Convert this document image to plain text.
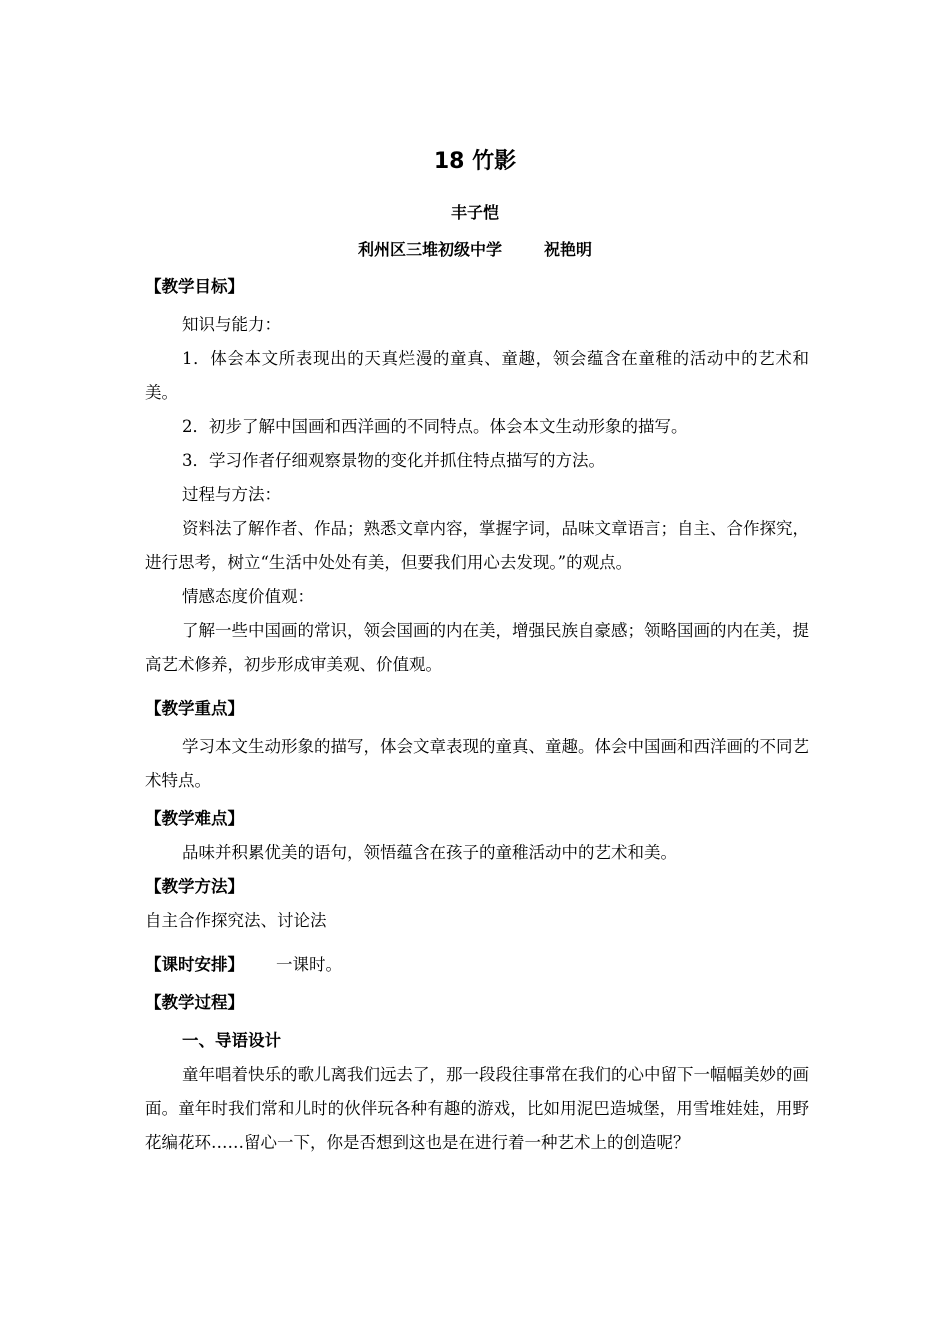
18 竹影
丰子恺
利州区三堆初级中学	祝艳明

【教学目标】

知识与能力：

1．体会本文所表现出的天真烂漫的童真、童趣，领会蕴含在童稚的活动中的艺术和美。

2．初步了解中国画和西洋画的不同特点。体会本文生动形象的描写。

3．学习作者仔细观察景物的变化并抓住特点描写的方法。

过程与方法：

资料法了解作者、作品；熟悉文章内容，掌握字词，品味文章语言；自主、合作探究，进行思考，树立“生活中处处有美，但要我们用心去发现。”的观点。

情感态度价值观：

了解一些中国画的常识，领会国画的内在美，增强民族自豪感；领略国画的内在美，提高艺术修养，初步形成审美观、价值观。

【教学重点】

学习本文生动形象的描写，体会文章表现的童真、童趣。体会中国画和西洋画的不同艺术特点。

【教学难点】

品味并积累优美的语句，领悟蕴含在孩子的童稚活动中的艺术和美。

【教学方法】

自主合作探究法、讨论法

【课时安排】 一课时。

【教学过程】

一、导语设计

童年唱着快乐的歌儿离我们远去了，那一段段往事常在我们的心中留下一幅幅美妙的画面。童年时我们常和儿时的伙伴玩各种有趣的游戏，比如用泥巴造城堡，用雪堆娃娃，用野花编花环……留心一下，你是否想到这也是在进行着一种艺术上的创造呢？
